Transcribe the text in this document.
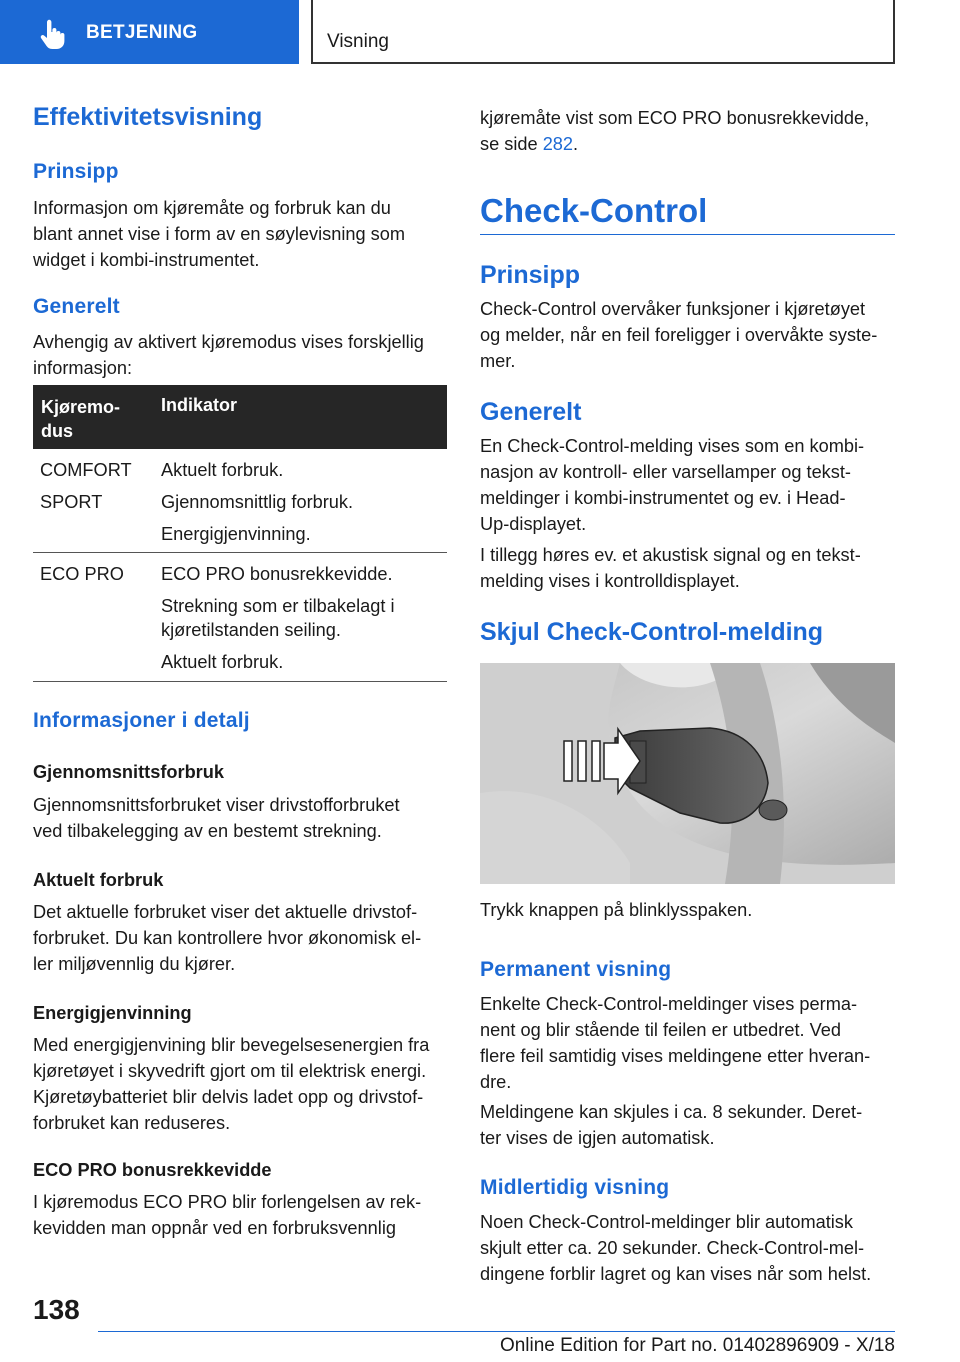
BETJENING	Visning
Effektivitetsvisning
Prinsipp
Informasjon om kjøremåte og forbruk kan du
blant annet vise i form av en søylevisning som
widget i kombi-instrumentet.
Generelt
Avhengig av aktivert kjøremodus vises forskjellig
informasjon:
Kjøremo-
dus
Indikator
COMFORT
SPORT
Aktuelt forbruk.
Gjennomsnittlig forbruk.
Energigjenvinning.
ECO PRO ECO PRO bonusrekkevidde.
Strekning som er tilbakelagt i
kjøretilstanden seiling.
Aktuelt forbruk.
Informasjoner i detalj
Gjennomsnittsforbruk
Gjennomsnittsforbruket viser drivstofforbruket
ved tilbakelegging av en bestemt strekning.
Aktuelt forbruk
Det aktuelle forbruket viser det aktuelle drivstof-
forbruket. Du kan kontrollere hvor økonomisk el-
ler miljøvennlig du kjører.
Energigjenvinning
Med energigjenvining blir bevegelsesenergien fra
kjøretøyet i skyvedrift gjort om til elektrisk energi.
Kjøretøybatteriet blir delvis ladet opp og drivstof-
forbruket kan reduseres.
ECO PRO bonusrekkevidde
I kjøremodus ECO PRO blir forlengelsen av rek-
kevidden man oppnår ved en forbruksvennlig
kjøremåte vist som ECO PRO bonusrekkevidde,
se side 282.
Check-Control
Prinsipp
Check-Control overvåker funksjoner i kjøretøyet
og melder, når en feil foreligger i overvåkte syste-
mer.
Generelt
En Check-Control-melding vises som en kombi-
nasjon av kontroll- eller varsellamper og tekst-
meldinger i kombi-instrumentet og ev. i Head-
Up-displayet.
I tillegg høres ev. et akustisk signal og en tekst-
melding vises i kontrolldisplayet.
Skjul Check-Control-melding
Trykk knappen på blinklysspaken.
Permanent visning
Enkelte Check-Control-meldinger vises perma-
nent og blir stående til feilen er utbedret. Ved
flere feil samtidig vises meldingene etter hveran-
dre.
Meldingene kan skjules i ca. 8 sekunder. Deret-
ter vises de igjen automatisk.
Midlertidig visning
Noen Check-Control-meldinger blir automatisk
skjult etter ca. 20 sekunder. Check-Control-mel-
dingene forblir lagret og kan vises når som helst.
138
Online Edition for Part no. 01402896909 - X/18
